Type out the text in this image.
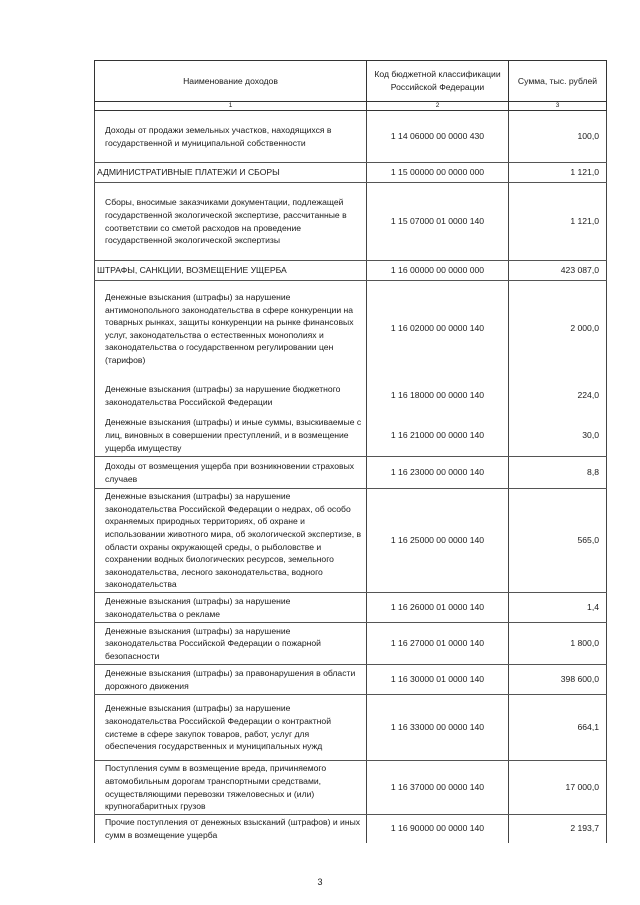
Наименование доходов	Код бюджетной классификации Российской Федерации	Сумма, тыс. рублей
1	2	3
Доходы от продажи земельных участков, находящихся в государственной и муниципальной собственности	1 14 06000 00 0000 430	100,0
АДМИНИСТРАТИВНЫЕ ПЛАТЕЖИ И СБОРЫ	1 15 00000 00 0000 000	1 121,0
Сборы, вносимые заказчиками документации, подлежащей государственной экологической экспертизе, рассчитанные в соответствии со сметой расходов на проведение государственной экологической экспертизы	1 15 07000 01 0000 140	1 121,0
ШТРАФЫ, САНКЦИИ, ВОЗМЕЩЕНИЕ УЩЕРБА	1 16 00000 00 0000 000	423 087,0
Денежные взыскания (штрафы) за нарушение антимонопольного законодательства в сфере конкуренции на товарных рынках, защиты конкуренции на рынке финансовых услуг, законодательства о естественных монополиях и законодательства о государственном регулировании цен (тарифов)	1 16 02000 00 0000 140	2 000,0
Денежные взыскания (штрафы) за нарушение бюджетного законодательства Российской Федерации	1 16 18000 00 0000 140	224,0
Денежные взыскания (штрафы) и иные суммы, взыскиваемые с лиц, виновных в совершении преступлений, и в возмещение ущерба имуществу	1 16 21000 00 0000 140	30,0
Доходы от возмещения ущерба при возникновении страховых случаев	1 16 23000 00 0000 140	8,8
Денежные взыскания (штрафы) за нарушение законодательства Российской Федерации о недрах, об особо охраняемых природных территориях, об охране и использовании животного мира, об экологической экспертизе, в области охраны окружающей среды, о рыболовстве и сохранении водных биологических ресурсов, земельного законодательства, лесного законодательства, водного законодательства	1 16 25000 00 0000 140	565,0
Денежные взыскания (штрафы) за нарушение законодательства о рекламе	1 16 26000 01 0000 140	1,4
Денежные взыскания (штрафы) за нарушение законодательства Российской Федерации о пожарной безопасности	1 16 27000 01 0000 140	1 800,0
Денежные взыскания (штрафы) за правонарушения в области дорожного движения	1 16 30000 01 0000 140	398 600,0
Денежные взыскания (штрафы) за нарушение законодательства Российской Федерации о контрактной системе в сфере закупок товаров, работ, услуг для обеспечения государственных и муниципальных нужд	1 16 33000 00 0000 140	664,1
Поступления сумм в возмещение вреда, причиняемого автомобильным дорогам транспортными средствами, осуществляющими перевозки тяжеловесных и (или) крупногабаритных грузов	1 16 37000 00 0000 140	17 000,0
Прочие поступления от денежных взысканий (штрафов) и иных сумм в возмещение ущерба	1 16 90000 00 0000 140	2 193,7
3
